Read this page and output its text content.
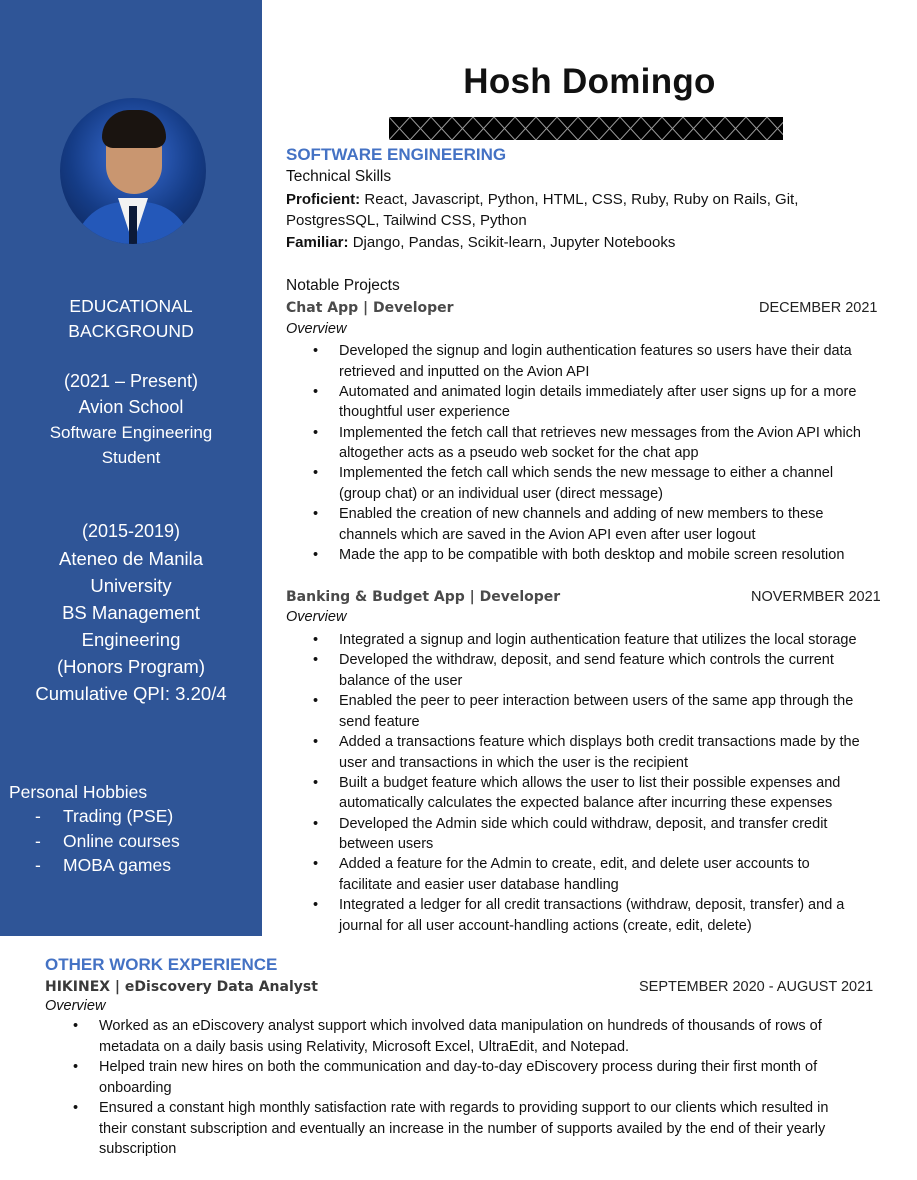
EDUCATIONAL
BACKGROUND
(2021 – Present)
Avion School
Software Engineering
Student
(2015-2019)
Ateneo de Manila
University
BS Management
Engineering
(Honors Program)
Cumulative QPI: 3.20/4
Personal Hobbies
- Trading (PSE)
- Online courses
- MOBA games
Hosh Domingo
SOFTWARE ENGINEERING
Technical Skills
Proficient: React, Javascript, Python, HTML, CSS, Ruby, Ruby on Rails, Git,
PostgresSQL, Tailwind CSS, Python
Familiar: Django, Pandas, Scikit-learn, Jupyter Notebooks
Notable Projects
Chat App | Developer	DECEMBER 2021
Overview
• Developed the signup and login authentication features so users have their data
retrieved and inputted on the Avion API
• Automated and animated login details immediately after user signs up for a more
thoughtful user experience
• Implemented the fetch call that retrieves new messages from the Avion API which
altogether acts as a pseudo web socket for the chat app
• Implemented the fetch call which sends the new message to either a channel
(group chat) or an individual user (direct message)
• Enabled the creation of new channels and adding of new members to these
channels which are saved in the Avion API even after user logout
• Made the app to be compatible with both desktop and mobile screen resolution
Banking & Budget App | Developer	NOVERMBER 2021
Overview
• Integrated a signup and login authentication feature that utilizes the local storage
• Developed the withdraw, deposit, and send feature which controls the current
balance of the user
• Enabled the peer to peer interaction between users of the same app through the
send feature
• Added a transactions feature which displays both credit transactions made by the
user and transactions in which the user is the recipient
• Built a budget feature which allows the user to list their possible expenses and
automatically calculates the expected balance after incurring these expenses
• Developed the Admin side which could withdraw, deposit, and transfer credit
between users
• Added a feature for the Admin to create, edit, and delete user accounts to
facilitate and easier user database handling
• Integrated a ledger for all credit transactions (withdraw, deposit, transfer) and a
journal for all user account-handling actions (create, edit, delete)
OTHER WORK EXPERIENCE
HIKINEX | eDiscovery Data Analyst	SEPTEMBER 2020 - AUGUST 2021
Overview
• Worked as an eDiscovery analyst support which involved data manipulation on hundreds of thousands of rows of
metadata on a daily basis using Relativity, Microsoft Excel, UltraEdit, and Notepad.
• Helped train new hires on both the communication and day-to-day eDiscovery process during their first month of
onboarding
• Ensured a constant high monthly satisfaction rate with regards to providing support to our clients which resulted in
their constant subscription and eventually an increase in the number of supports availed by the end of their yearly
subscription
